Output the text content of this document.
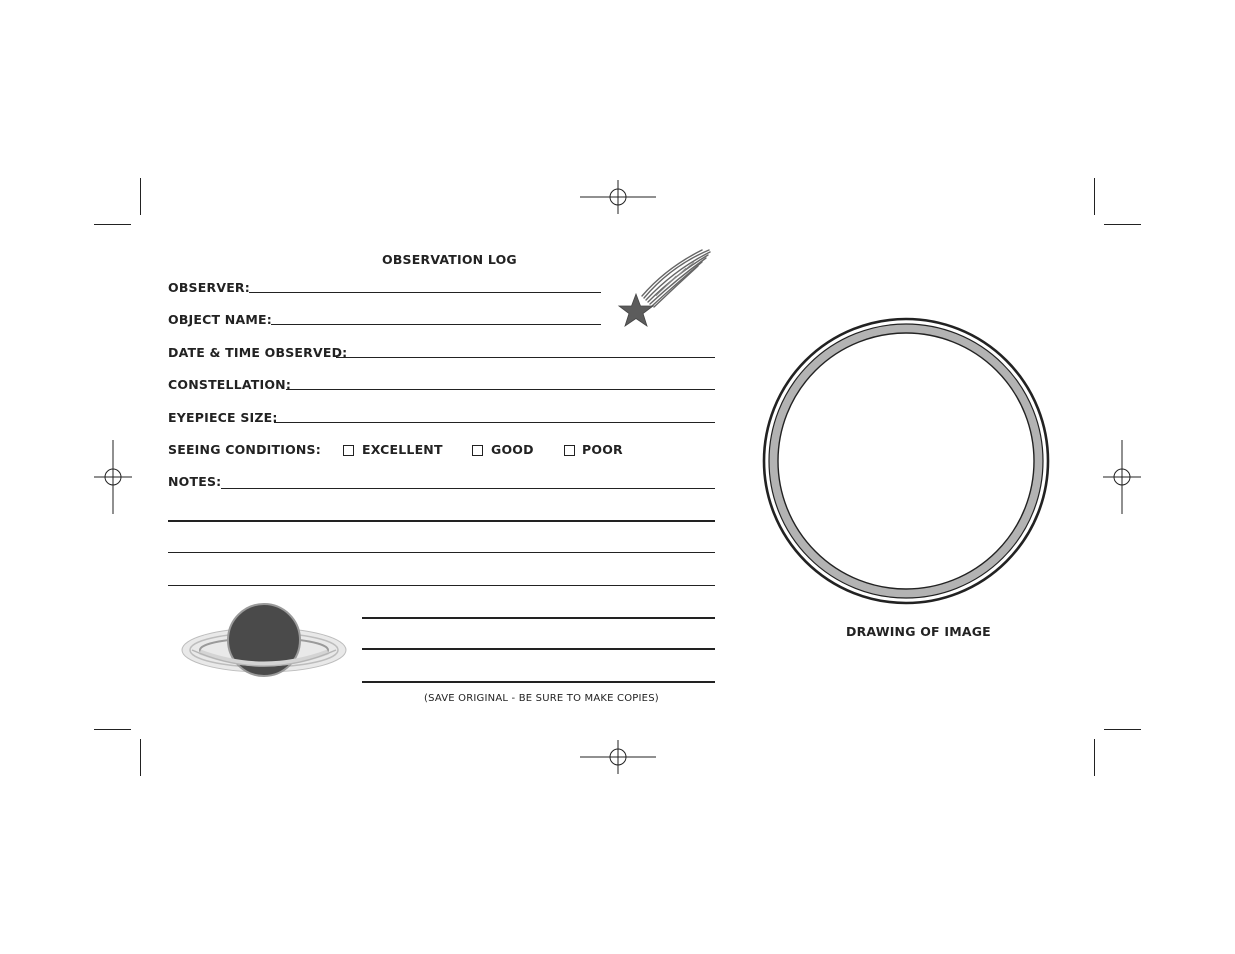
OBSERVATION LOG
OBSERVER:
OBJECT NAME:
DATE & TIME OBSERVED:
CONSTELLATION:
EYEPIECE SIZE:
SEEING CONDITIONS:	EXCELLENT	GOOD	POOR
NOTES:
(SAVE ORIGINAL - BE SURE TO MAKE COPIES)
DRAWING OF IMAGE
